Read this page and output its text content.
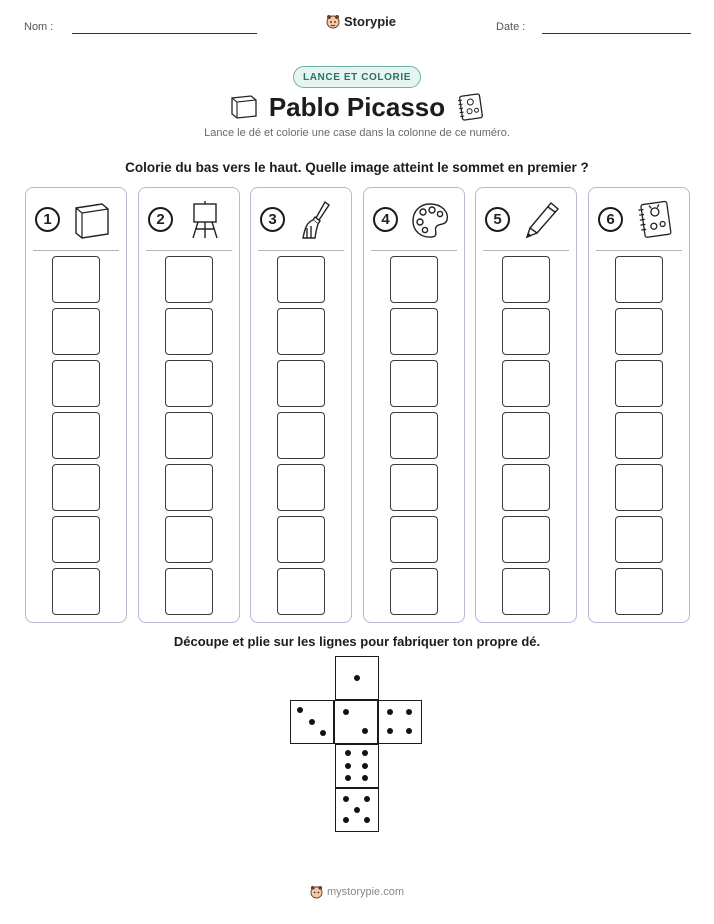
Nom :	Storypie	Date :
LANCE ET COLORIE
Pablo Picasso
Lance le dé et colorie une case dans la colonne de ce numéro.
Colorie du bas vers le haut. Quelle image atteint le sommet en premier ?
1	2	3	4	5	6
Découpe et plie sur les lignes pour fabriquer ton propre dé.
mystorypie.com
